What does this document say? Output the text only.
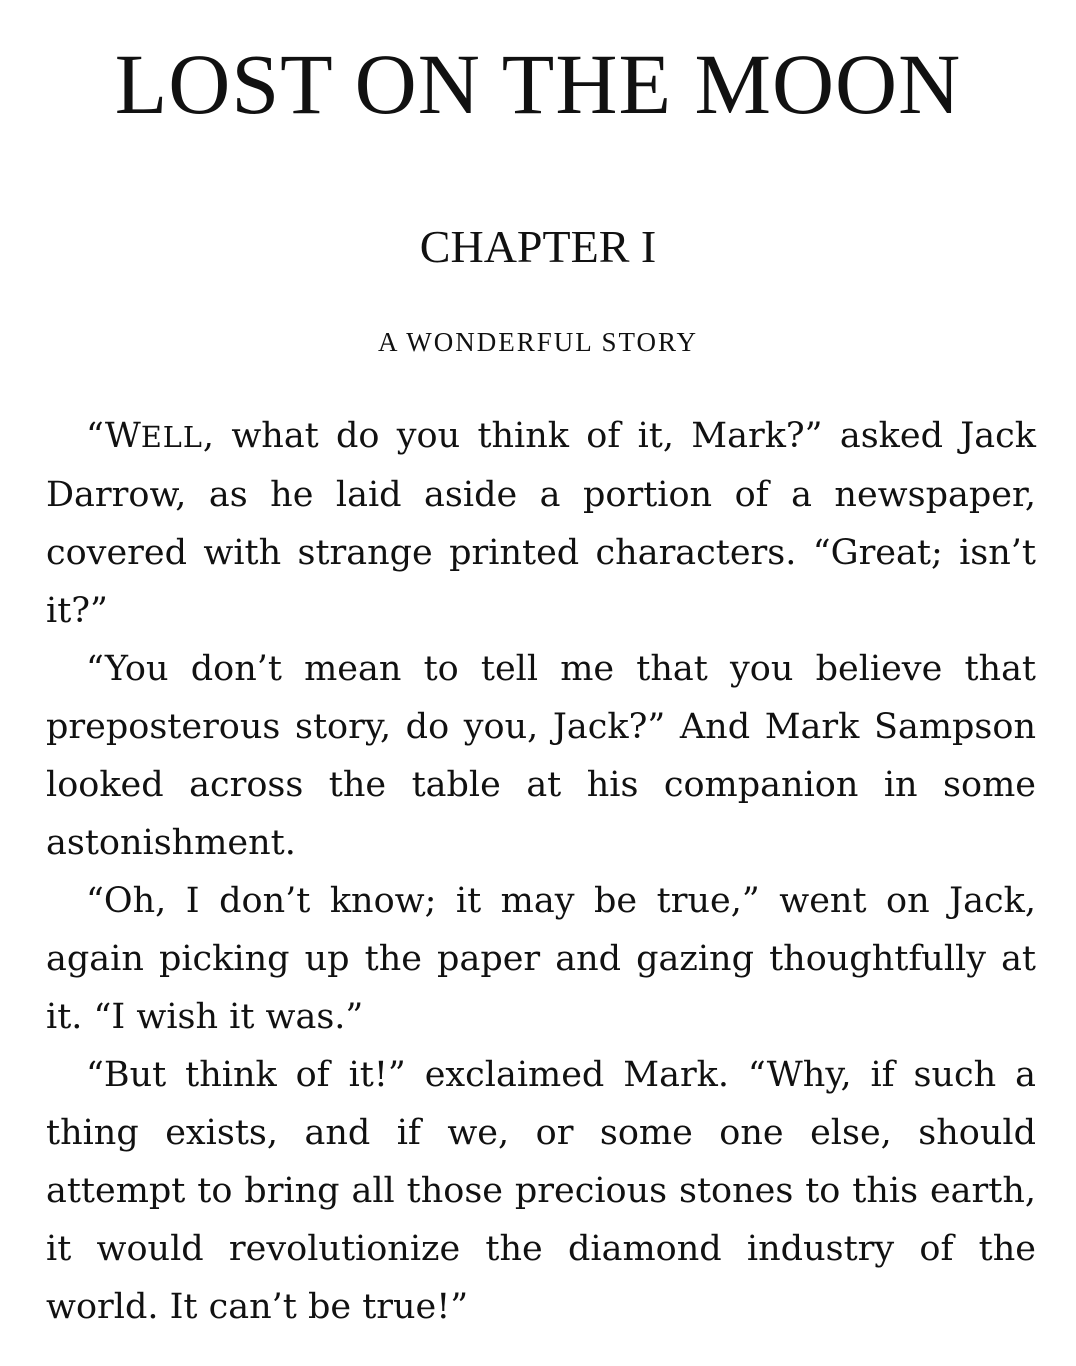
LOST ON THE MOON
CHAPTER I
A WONDERFUL STORY

“WELL, what do you think of it, Mark?” asked Jack Darrow, as he laid aside a portion of a newspaper, covered with strange printed characters. “Great; isn’t it?”

“You don’t mean to tell me that you believe that preposterous story, do you, Jack?” And Mark Sampson looked across the table at his companion in some astonishment.

“Oh, I don’t know; it may be true,” went on Jack, again picking up the paper and gazing thoughtfully at it. “I wish it was.”

“But think of it!” exclaimed Mark. “Why, if such a thing exists, and if we, or some one else, should attempt to bring all those precious stones to this earth, it would revolutionize the diamond industry of the world. It can’t be true!”
